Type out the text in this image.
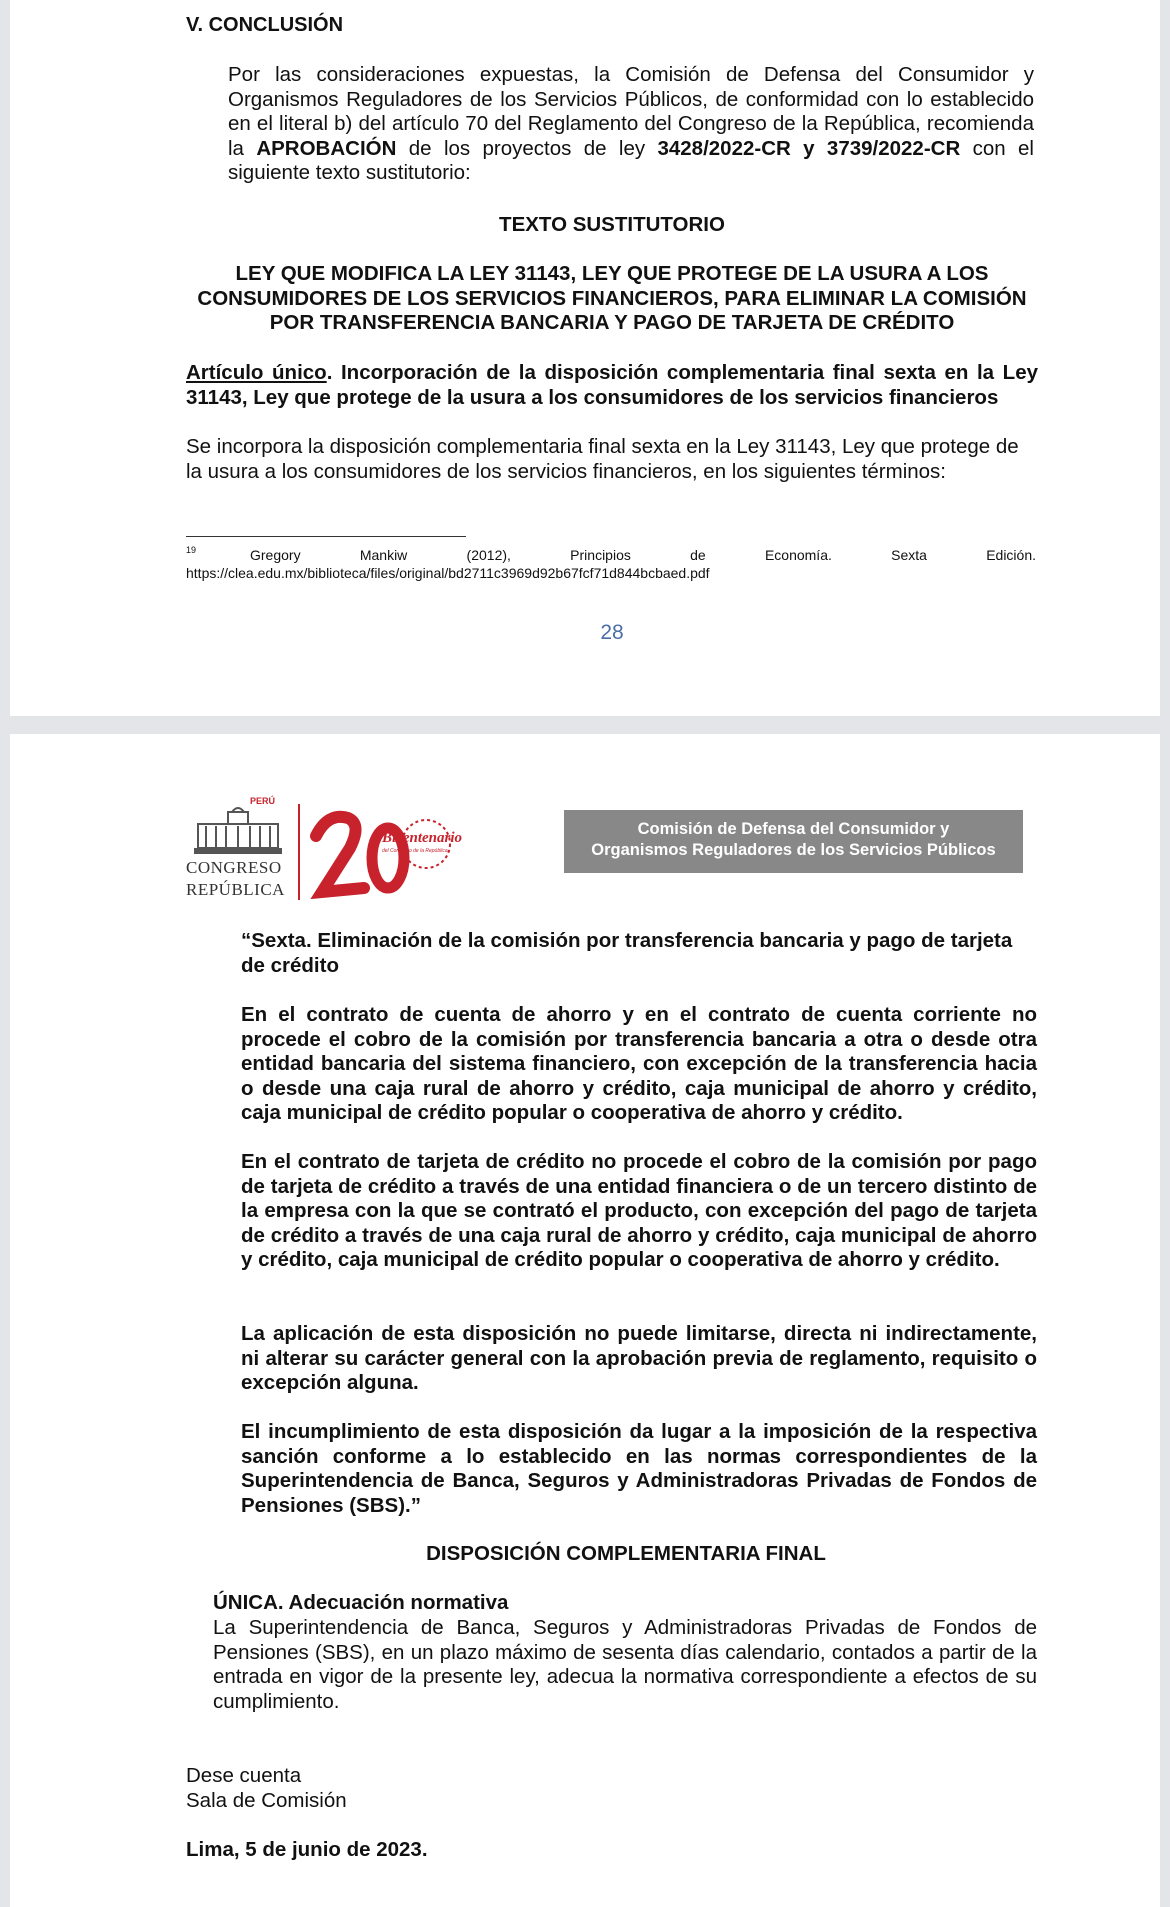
V. CONCLUSIÓN

Por las consideraciones expuestas, la Comisión de Defensa del Consumidor y Organismos Reguladores de los Servicios Públicos, de conformidad con lo establecido en el literal b) del artículo 70 del Reglamento del Congreso de la República, recomienda la APROBACIÓN de los proyectos de ley 3428/2022-CR y 3739/2022-CR con el siguiente texto sustitutorio:

TEXTO SUSTITUTORIO

LEY QUE MODIFICA LA LEY 31143, LEY QUE PROTEGE DE LA USURA A LOS CONSUMIDORES DE LOS SERVICIOS FINANCIEROS, PARA ELIMINAR LA COMISIÓN POR TRANSFERENCIA BANCARIA Y PAGO DE TARJETA DE CRÉDITO

Artículo único. Incorporación de la disposición complementaria final sexta en la Ley 31143, Ley que protege de la usura a los consumidores de los servicios financieros

Se incorpora la disposición complementaria final sexta en la Ley 31143, Ley que protege de la usura a los consumidores de los servicios financieros, en los siguientes términos:

19	Gregory Mankiw (2012), Principios de Economía. Sexta Edición.
https://clea.edu.mx/biblioteca/files/original/bd2711c3969d92b67fcf71d844bcbaed.pdf
28
PERÚ
CONGRESO
REPÚBLICA
Bicentenario
del Congreso de la República
Comisión de Defensa del Consumidor y
Organismos Reguladores de los Servicios Públicos

“Sexta. Eliminación de la comisión por transferencia bancaria y pago de tarjeta de crédito

En el contrato de cuenta de ahorro y en el contrato de cuenta corriente no procede el cobro de la comisión por transferencia bancaria a otra o desde otra entidad bancaria del sistema financiero, con excepción de la transferencia hacia o desde una caja rural de ahorro y crédito, caja municipal de ahorro y crédito, caja municipal de crédito popular o cooperativa de ahorro y crédito.

En el contrato de tarjeta de crédito no procede el cobro de la comisión por pago de tarjeta de crédito a través de una entidad financiera o de un tercero distinto de la empresa con la que se contrató el producto, con excepción del pago de tarjeta de crédito a través de una caja rural de ahorro y crédito, caja municipal de ahorro y crédito, caja municipal de crédito popular o cooperativa de ahorro y crédito.

La aplicación de esta disposición no puede limitarse, directa ni indirectamente, ni alterar su carácter general con la aprobación previa de reglamento, requisito o excepción alguna.

El incumplimiento de esta disposición da lugar a la imposición de la respectiva sanción conforme a lo establecido en las normas correspondientes de la Superintendencia de Banca, Seguros y Administradoras Privadas de Fondos de Pensiones (SBS).”

DISPOSICIÓN COMPLEMENTARIA FINAL
ÚNICA. Adecuación normativa

La Superintendencia de Banca, Seguros y Administradoras Privadas de Fondos de Pensiones (SBS), en un plazo máximo de sesenta días calendario, contados a partir de la entrada en vigor de la presente ley, adecua la normativa correspondiente a efectos de su cumplimiento.

Dese cuenta
Sala de Comisión
Lima, 5 de junio de 2023.
